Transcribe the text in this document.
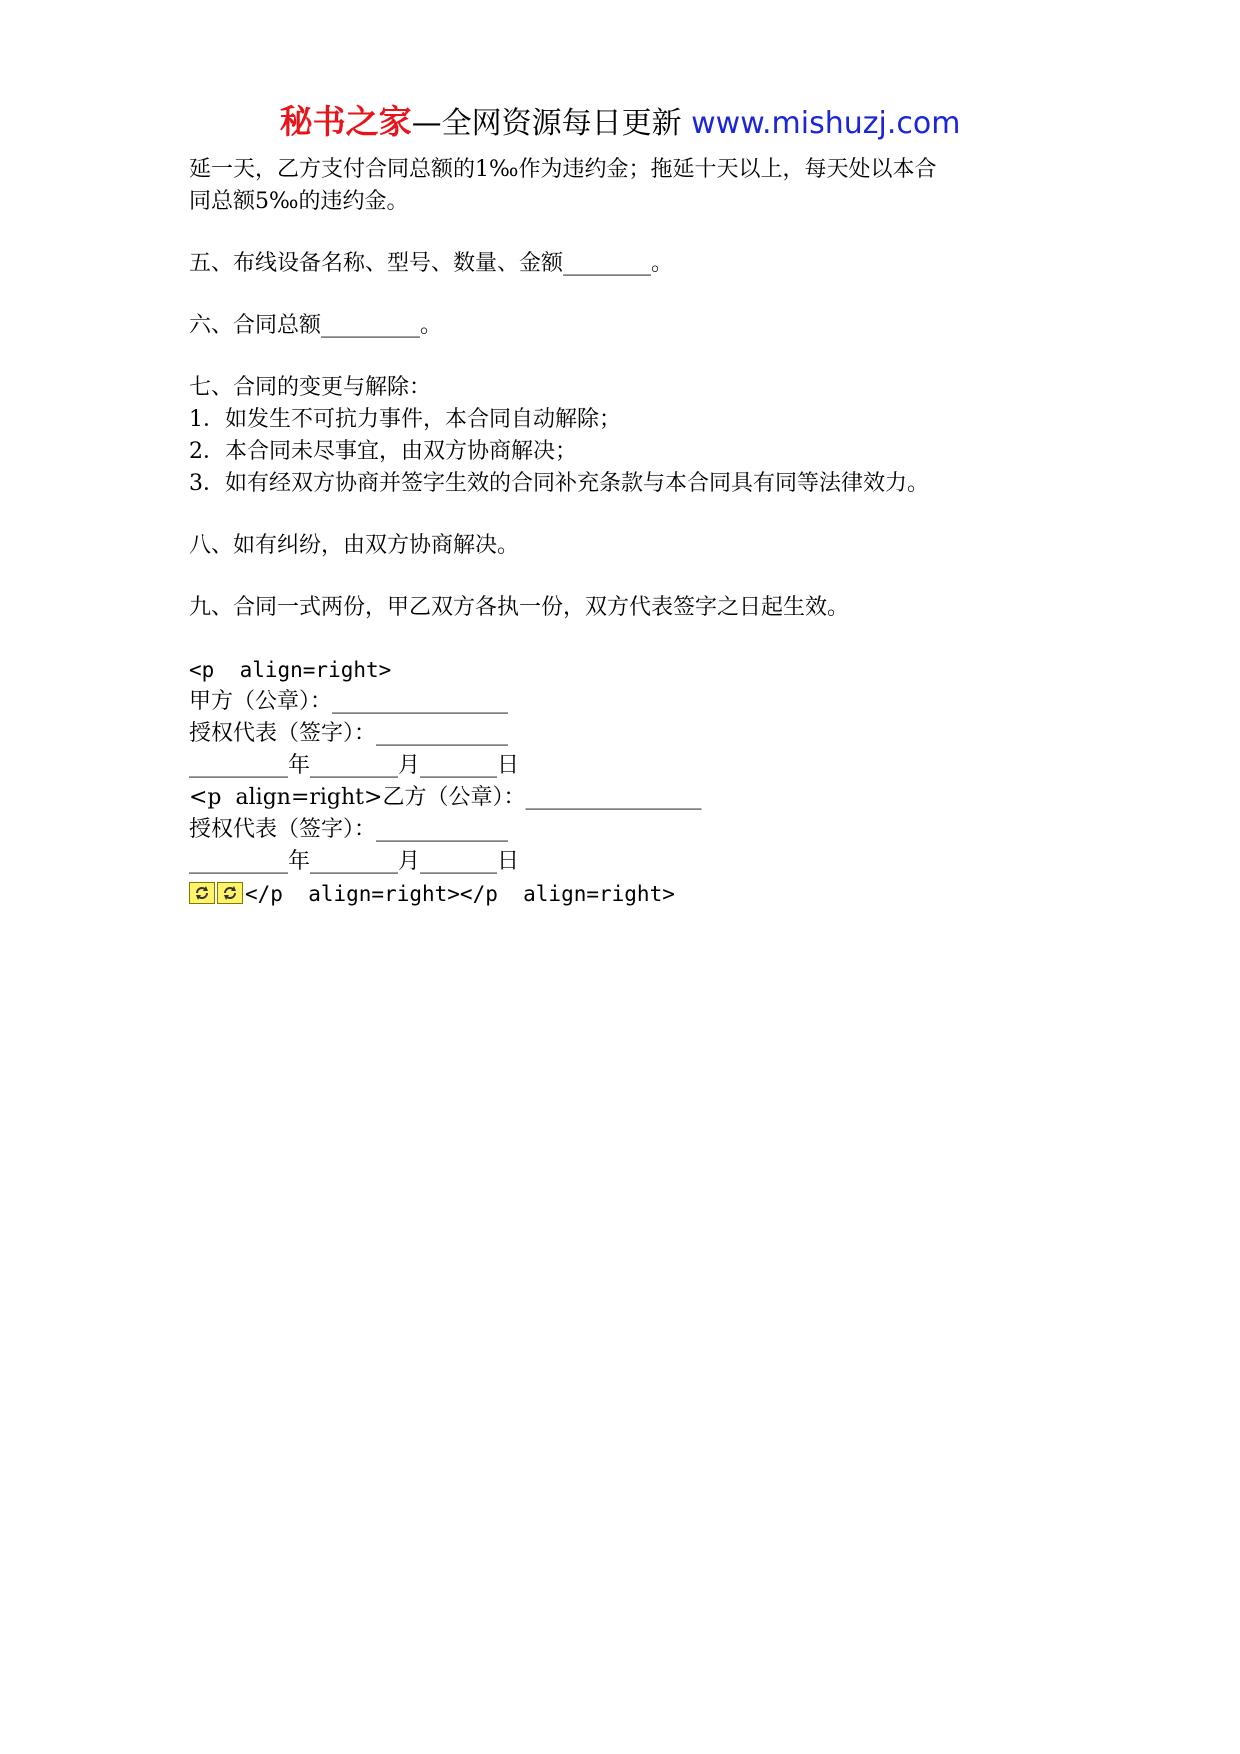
秘书之家—全网资源每日更新 www.mishuzj.com
延一天，乙方支付合同总额的1‰作为违约金；拖延十天以上，每天处以本合
同总额5‰的违约金。
五、布线设备名称、型号、数量、金额________。
六、合同总额_________。
七、合同的变更与解除：
1．如发生不可抗力事件，本合同自动解除；
2．本合同未尽事宜，由双方协商解决；
3．如有经双方协商并签字生效的合同补充条款与本合同具有同等法律效力。
八、如有纠纷，由双方协商解决。
九、合同一式两份，甲乙双方各执一份，双方代表签字之日起生效。
<p  align=right>
甲方（公章）：________________
授权代表（签字）：____________
_________年________月_______日
<p  align=right>乙方（公章）：________________
授权代表（签字）：____________
_________年________月_______日
</p  align=right></p  align=right>
